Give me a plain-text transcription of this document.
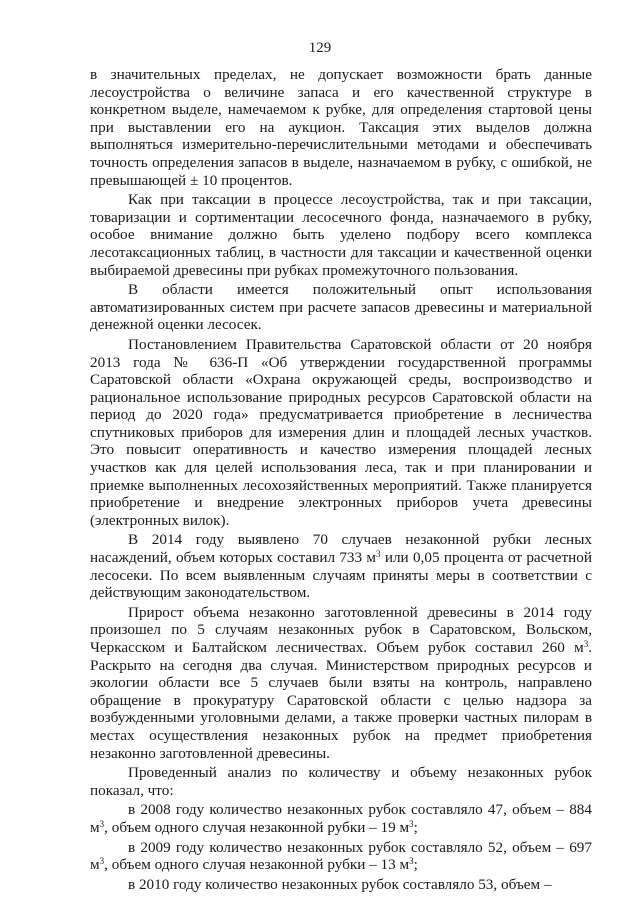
129

в значительных пределах, не допускает возможности брать данные лесоустройства о величине запаса и его качественной структуре в конкретном выделе, намечаемом к рубке, для определения стартовой цены при выставлении его на аукцион. Таксация этих выделов должна выполняться измерительно-перечислительными методами и обеспечивать точность определения запасов в выделе, назначаемом в рубку, с ошибкой, не превышающей ± 10 процентов.

Как при таксации в процессе лесоустройства, так и при таксации, товаризации и сортиментации лесосечного фонда, назначаемого в рубку, особое внимание должно быть уделено подбору всего комплекса лесотаксационных таблиц, в частности для таксации и качественной оценки выбираемой древесины при рубках промежуточного пользования.

В области имеется положительный опыт использования автоматизированных систем при расчете запасов древесины и материальной денежной оценки лесосек.

Постановлением Правительства Саратовской области от 20 ноября 2013 года № 636-П «Об утверждении государственной программы Саратовской области «Охрана окружающей среды, воспроизводство и рациональное использование природных ресурсов Саратовской области на период до 2020 года» предусматривается приобретение в лесничества спутниковых приборов для измерения длин и площадей лесных участков. Это повысит оперативность и качество измерения площадей лесных участков как для целей использования леса, так и при планировании и приемке выполненных лесохозяйственных мероприятий. Также планируется приобретение и внедрение электронных приборов учета древесины (электронных вилок).

В 2014 году выявлено 70 случаев незаконной рубки лесных насаждений, объем которых составил 733 $м^3$ или 0,05 процента от расчетной лесосеки. По всем выявленным случаям приняты меры в соответствии с действующим законодательством.

Прирост объема незаконно заготовленной древесины в 2014 году произошел по 5 случаям незаконных рубок в Саратовском, Вольском, Черкасском и Балтайском лесничествах. Объем рубок составил 260 $м^3$. Раскрыто на сегодня два случая. Министерством природных ресурсов и экологии области все 5 случаев были взяты на контроль, направлено обращение в прокуратуру Саратовской области с целью надзора за возбужденными уголовными делами, а также проверки частных пилорам в местах осуществления незаконных рубок на предмет приобретения незаконно заготовленной древесины.

Проведенный анализ по количеству и объему незаконных рубок показал, что:

в 2008 году количество незаконных рубок составляло 47, объем – 884 $м^3$, объем одного случая незаконной рубки – 19 $м^3$;

в 2009 году количество незаконных рубок составляло 52, объем – 697 $м^3$, объем одного случая незаконной рубки – 13 $м^3$;

в 2010 году количество незаконных рубок составляло 53, объем –
